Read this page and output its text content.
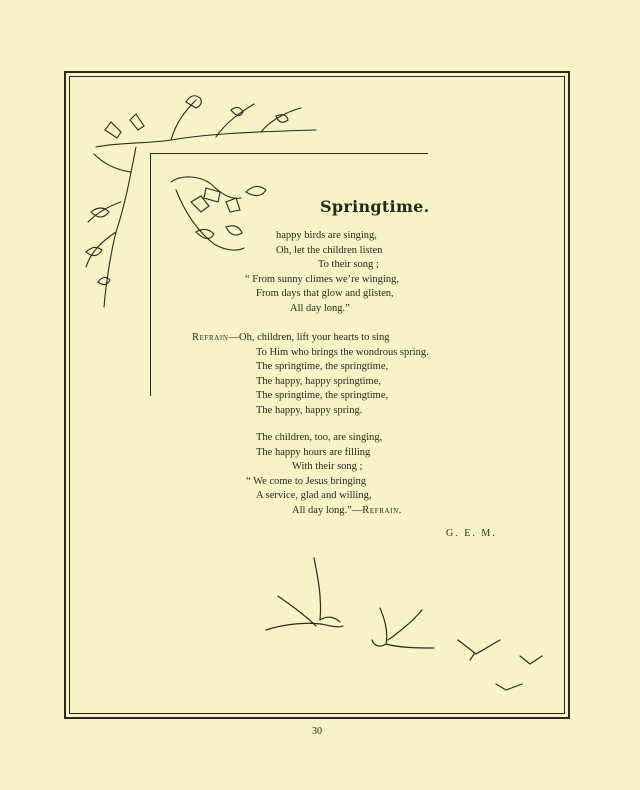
Springtime.
happy birds are singing,
Oh, let the children listen
To their song ;
“ From sunny climes we’re winging,
From days that glow and glisten,
All day long.”
Refrain—Oh, children, lift your hearts to sing
To Him who brings the wondrous spring.
The springtime, the springtime,
The happy, happy springtime,
The springtime, the springtime,
The happy, happy spring.
The children, too, are singing,
The happy hours are filling
With their song ;
“ We come to Jesus bringing
A service, glad and willing,
All day long.”—Refrain.
G. E. M.
30
